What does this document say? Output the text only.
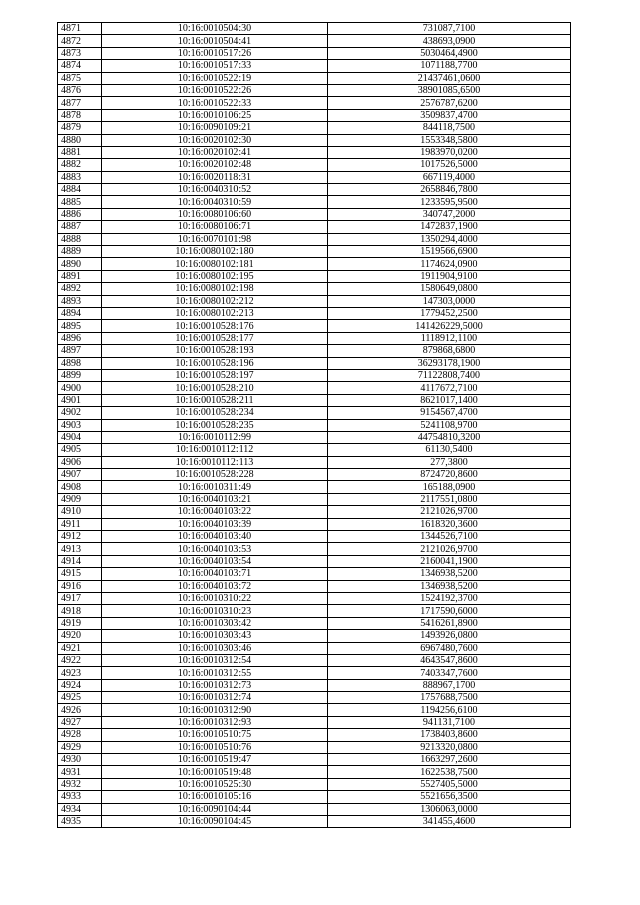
4871	10:16:0010504:30	731087,7100
4872	10:16:0010504:41	438693,0900
4873	10:16:0010517:26	5030464,4900
4874	10:16:0010517:33	1071188,7700
4875	10:16:0010522:19	21437461,0600
4876	10:16:0010522:26	38901085,6500
4877	10:16:0010522:33	2576787,6200
4878	10:16:0010106:25	3509837,4700
4879	10:16:0090109:21	844118,7500
4880	10:16:0020102:30	1553348,5800
4881	10:16:0020102:41	1983970,0200
4882	10:16:0020102:48	1017526,5000
4883	10:16:0020118:31	667119,4000
4884	10:16:0040310:52	2658846,7800
4885	10:16:0040310:59	1233595,9500
4886	10:16:0080106:60	340747,2000
4887	10:16:0080106:71	1472837,1900
4888	10:16:0070101:98	1350294,4000
4889	10:16:0080102:180	1519566,6900
4890	10:16:0080102:181	1174624,0900
4891	10:16:0080102:195	1911904,9100
4892	10:16:0080102:198	1580649,0800
4893	10:16:0080102:212	147303,0000
4894	10:16:0080102:213	1779452,2500
4895	10:16:0010528:176	141426229,5000
4896	10:16:0010528:177	1118912,1100
4897	10:16:0010528:193	879868,6800
4898	10:16:0010528:196	36293178,1900
4899	10:16:0010528:197	71122808,7400
4900	10:16:0010528:210	4117672,7100
4901	10:16:0010528:211	8621017,1400
4902	10:16:0010528:234	9154567,4700
4903	10:16:0010528:235	5241108,9700
4904	10:16:0010112:99	44754810,3200
4905	10:16:0010112:112	61130,5400
4906	10:16:0010112:113	277,3800
4907	10:16:0010528:228	8724720,8600
4908	10:16:0010311:49	165188,0900
4909	10:16:0040103:21	2117551,0800
4910	10:16:0040103:22	2121026,9700
4911	10:16:0040103:39	1618320,3600
4912	10:16:0040103:40	1344526,7100
4913	10:16:0040103:53	2121026,9700
4914	10:16:0040103:54	2160041,1900
4915	10:16:0040103:71	1346938,5200
4916	10:16:0040103:72	1346938,5200
4917	10:16:0010310:22	1524192,3700
4918	10:16:0010310:23	1717590,6000
4919	10:16:0010303:42	5416261,8900
4920	10:16:0010303:43	1493926,0800
4921	10:16:0010303:46	6967480,7600
4922	10:16:0010312:54	4643547,8600
4923	10:16:0010312:55	7403347,7600
4924	10:16:0010312:73	888967,1700
4925	10:16:0010312:74	1757688,7500
4926	10:16:0010312:90	1194256,6100
4927	10:16:0010312:93	941131,7100
4928	10:16:0010510:75	1738403,8600
4929	10:16:0010510:76	9213320,0800
4930	10:16:0010519:47	1663297,2600
4931	10:16:0010519:48	1622538,7500
4932	10:16:0010525:30	5527405,5000
4933	10:16:0010105:16	5521656,3500
4934	10:16:0090104:44	1306063,0000
4935	10:16:0090104:45	341455,4600
